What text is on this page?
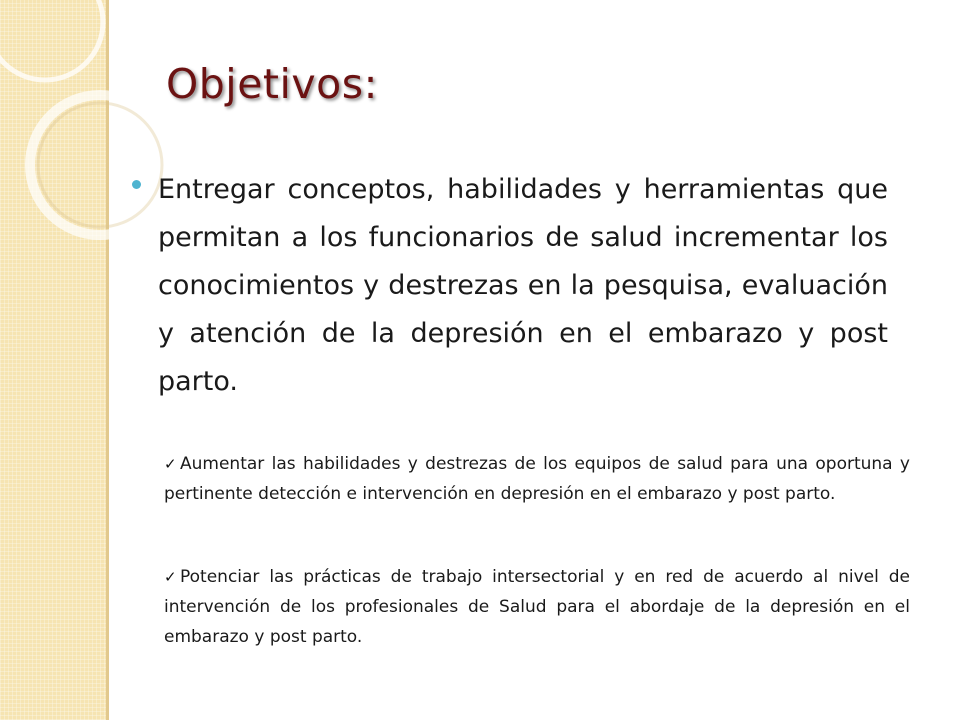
Objetivos:

Entregar conceptos, habilidades y herramientas que permitan a los funcionarios de salud incrementar los conocimientos y destrezas en la pesquisa, evaluación y atención de la depresión en el embarazo y post parto.

✓ Aumentar las habilidades y destrezas de los equipos de salud para una oportuna y pertinente detección e intervención en depresión en el embarazo y post parto.
✓ Potenciar las prácticas de trabajo intersectorial y en red de acuerdo al nivel de intervención de los profesionales de Salud para el abordaje de la depresión en el embarazo y post parto.
